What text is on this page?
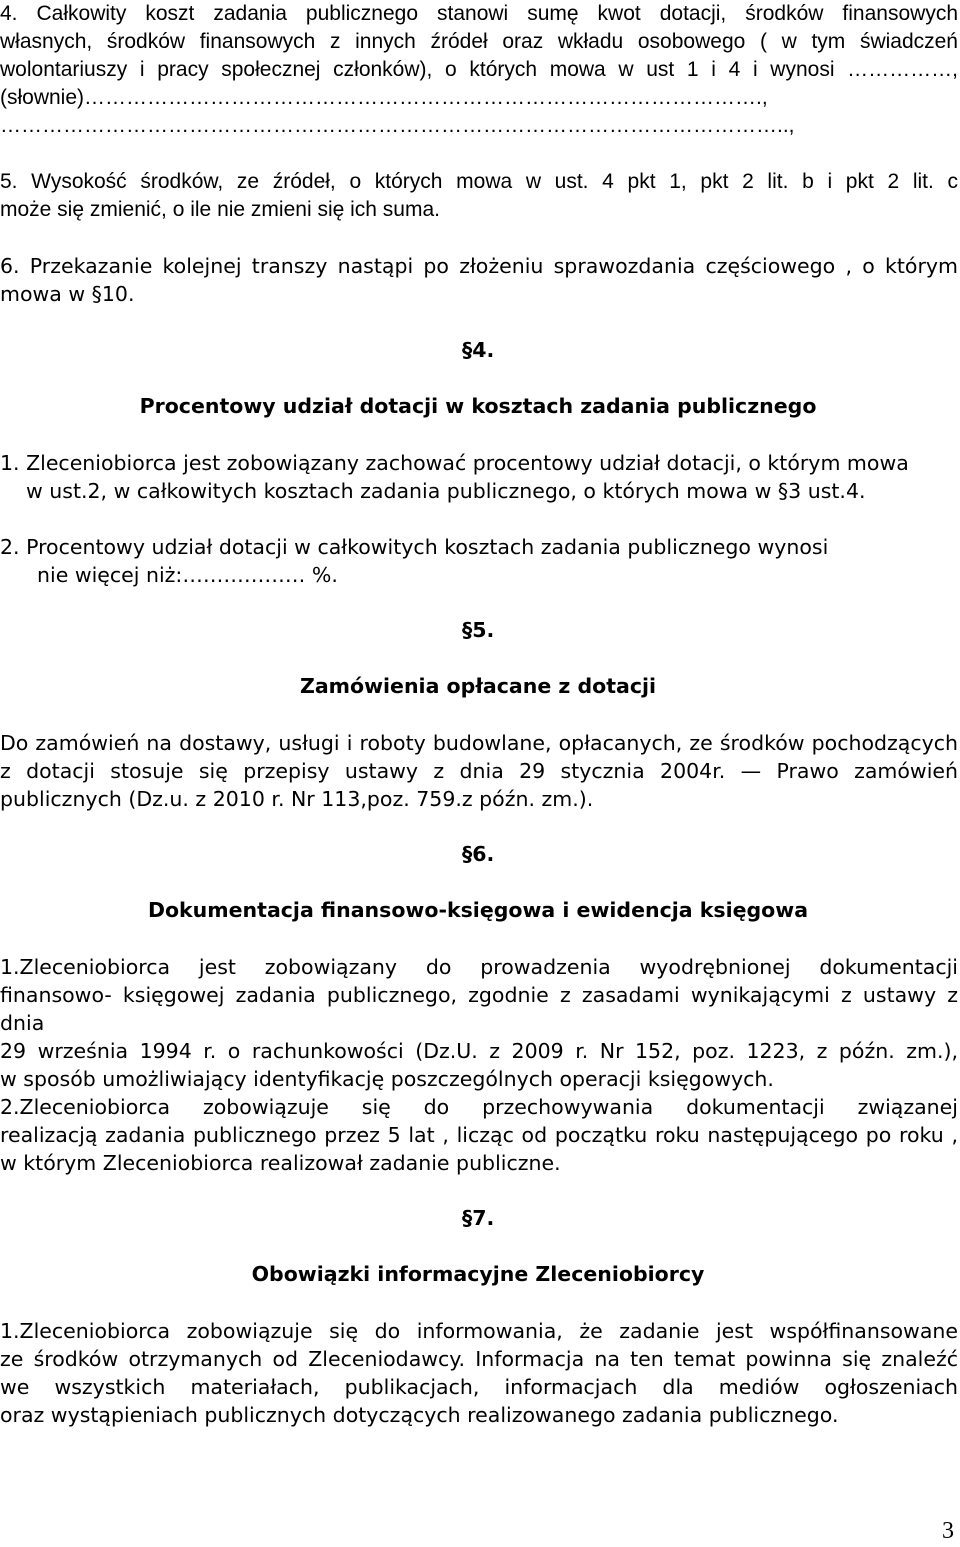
4. Całkowity koszt zadania publicznego stanowi sumę kwot dotacji, środków finansowych
własnych, środków finansowych z innych źródeł oraz wkładu osobowego ( w tym świadczeń
wolontariuszy i pracy społecznej członków), o których mowa w ust 1 i 4 i wynosi ……………,
(słownie)…………………………………………………………………………………….,
…………………………………………………………………………………………………..,
5. Wysokość środków, ze źródeł, o których mowa w ust. 4 pkt 1, pkt 2 lit. b i pkt 2 lit. c
może się zmienić, o ile nie zmieni się ich suma.
6. Przekazanie kolejnej transzy nastąpi po złożeniu sprawozdania częściowego , o którym
mowa w §10.
§4.
Procentowy udział dotacji w kosztach zadania publicznego
1. Zleceniobiorca jest zobowiązany zachować procentowy udział dotacji, o którym mowa
w ust.2, w całkowitych kosztach zadania publicznego, o których mowa w §3 ust.4.
2. Procentowy udział dotacji w całkowitych kosztach zadania publicznego wynosi
nie więcej niż:……………… %.
§5.
Zamówienia opłacane z dotacji
Do zamówień na dostawy, usługi i roboty budowlane, opłacanych, ze środków pochodzących
z dotacji stosuje się przepisy ustawy z dnia 29 stycznia 2004r. — Prawo zamówień
publicznych (Dz.u. z 2010 r. Nr 113,poz. 759.z późn. zm.).
§6.
Dokumentacja finansowo-księgowa i ewidencja księgowa
1.Zleceniobiorca jest zobowiązany do prowadzenia wyodrębnionej dokumentacji
finansowo- księgowej zadania publicznego, zgodnie z zasadami wynikającymi z ustawy z dnia
29 września 1994 r. o rachunkowości (Dz.U. z 2009 r. Nr 152, poz. 1223, z późn. zm.),
w sposób umożliwiający identyfikację poszczególnych operacji księgowych.
2.Zleceniobiorca zobowiązuje się do przechowywania dokumentacji związanej
realizacją zadania publicznego przez 5 lat , licząc od początku roku następującego po roku ,
w którym Zleceniobiorca realizował zadanie publiczne.
§7.
Obowiązki informacyjne Zleceniobiorcy
1.Zleceniobiorca zobowiązuje się do informowania, że zadanie jest współfinansowane
ze środków otrzymanych od Zleceniodawcy. Informacja na ten temat powinna się znaleźć
we wszystkich materiałach, publikacjach, informacjach dla mediów ogłoszeniach
oraz wystąpieniach publicznych dotyczących realizowanego zadania publicznego.
3
